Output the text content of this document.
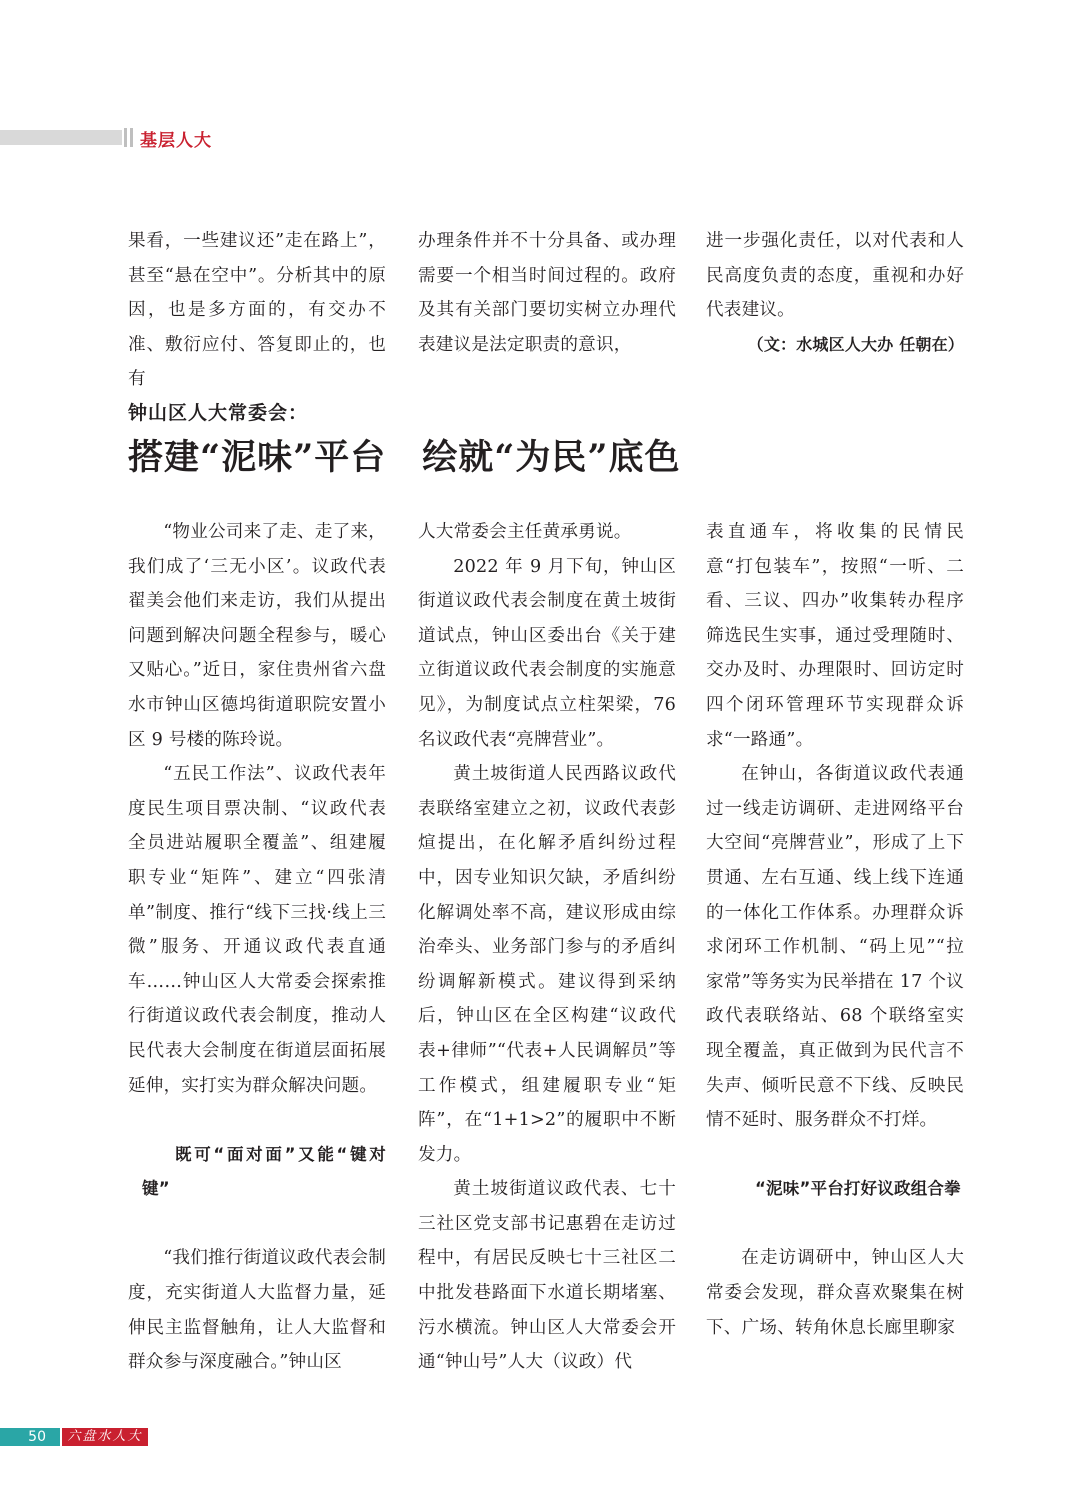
基层人大

果看，一些建议还”走在路上”，甚至“悬在空中”。分析其中的原因，也是多方面的，有交办不准、敷衍应付、答复即止的，也有

办理条件并不十分具备、或办理需要一个相当时间过程的。政府及其有关部门要切实树立办理代表建议是法定职责的意识，

进一步强化责任，以对代表和人民高度负责的态度，重视和办好代表建议。

（文：水城区人大办 任朝在）

钟山区人大常委会：
搭建“泥味”平台　绘就“为民”底色

“物业公司来了走、走了来，我们成了‘三无小区’。议政代表翟美会他们来走访，我们从提出问题到解决问题全程参与，暖心又贴心。”近日，家住贵州省六盘水市钟山区德坞街道职院安置小区 9 号楼的陈玲说。

“五民工作法”、议政代表年度民生项目票决制、“议政代表全员进站履职全覆盖”、组建履职专业“矩阵”、建立“四张清单”制度、推行“线下三找·线上三微”服务、开通议政代表直通车……钟山区人大常委会探索推行街道议政代表会制度，推动人民代表大会制度在街道层面拓展延伸，实打实为群众解决问题。

既可“面对面”又能“键对键”

“我们推行街道议政代表会制度，充实街道人大监督力量，延伸民主监督触角，让人大监督和群众参与深度融合。”钟山区

人大常委会主任黄承勇说。

2022 年 9 月下旬，钟山区街道议政代表会制度在黄土坡街道试点，钟山区委出台《关于建立街道议政代表会制度的实施意见》，为制度试点立柱架梁，76 名议政代表“亮牌营业”。

黄土坡街道人民西路议政代表联络室建立之初，议政代表彭煊提出，在化解矛盾纠纷过程中，因专业知识欠缺，矛盾纠纷化解调处率不高，建议形成由综治牵头、业务部门参与的矛盾纠纷调解新模式。建议得到采纳后，钟山区在全区构建“议政代表+律师”“代表+人民调解员”等工作模式，组建履职专业“矩阵”，在“1+1>2”的履职中不断发力。

黄土坡街道议政代表、七十三社区党支部书记惠碧在走访过程中，有居民反映七十三社区二中批发巷路面下水道长期堵塞、污水横流。钟山区人大常委会开通“钟山号”人大（议政）代

表直通车，将收集的民情民意“打包装车”，按照“一听、二看、三议、四办”收集转办程序筛选民生实事，通过受理随时、交办及时、办理限时、回访定时四个闭环管理环节实现群众诉求“一路通”。

在钟山，各街道议政代表通过一线走访调研、走进网络平台大空间“亮牌营业”，形成了上下贯通、左右互通、线上线下连通的一体化工作体系。办理群众诉求闭环工作机制、“码上见”“拉家常”等务实为民举措在 17 个议政代表联络站、68 个联络室实现全覆盖，真正做到为民代言不失声、倾听民意不下线、反映民情不延时、服务群众不打烊。

“泥味”平台打好议政组合拳

在走访调研中，钟山区人大常委会发现，群众喜欢聚集在树下、广场、转角休息长廊里聊家

50	六盘水人大
